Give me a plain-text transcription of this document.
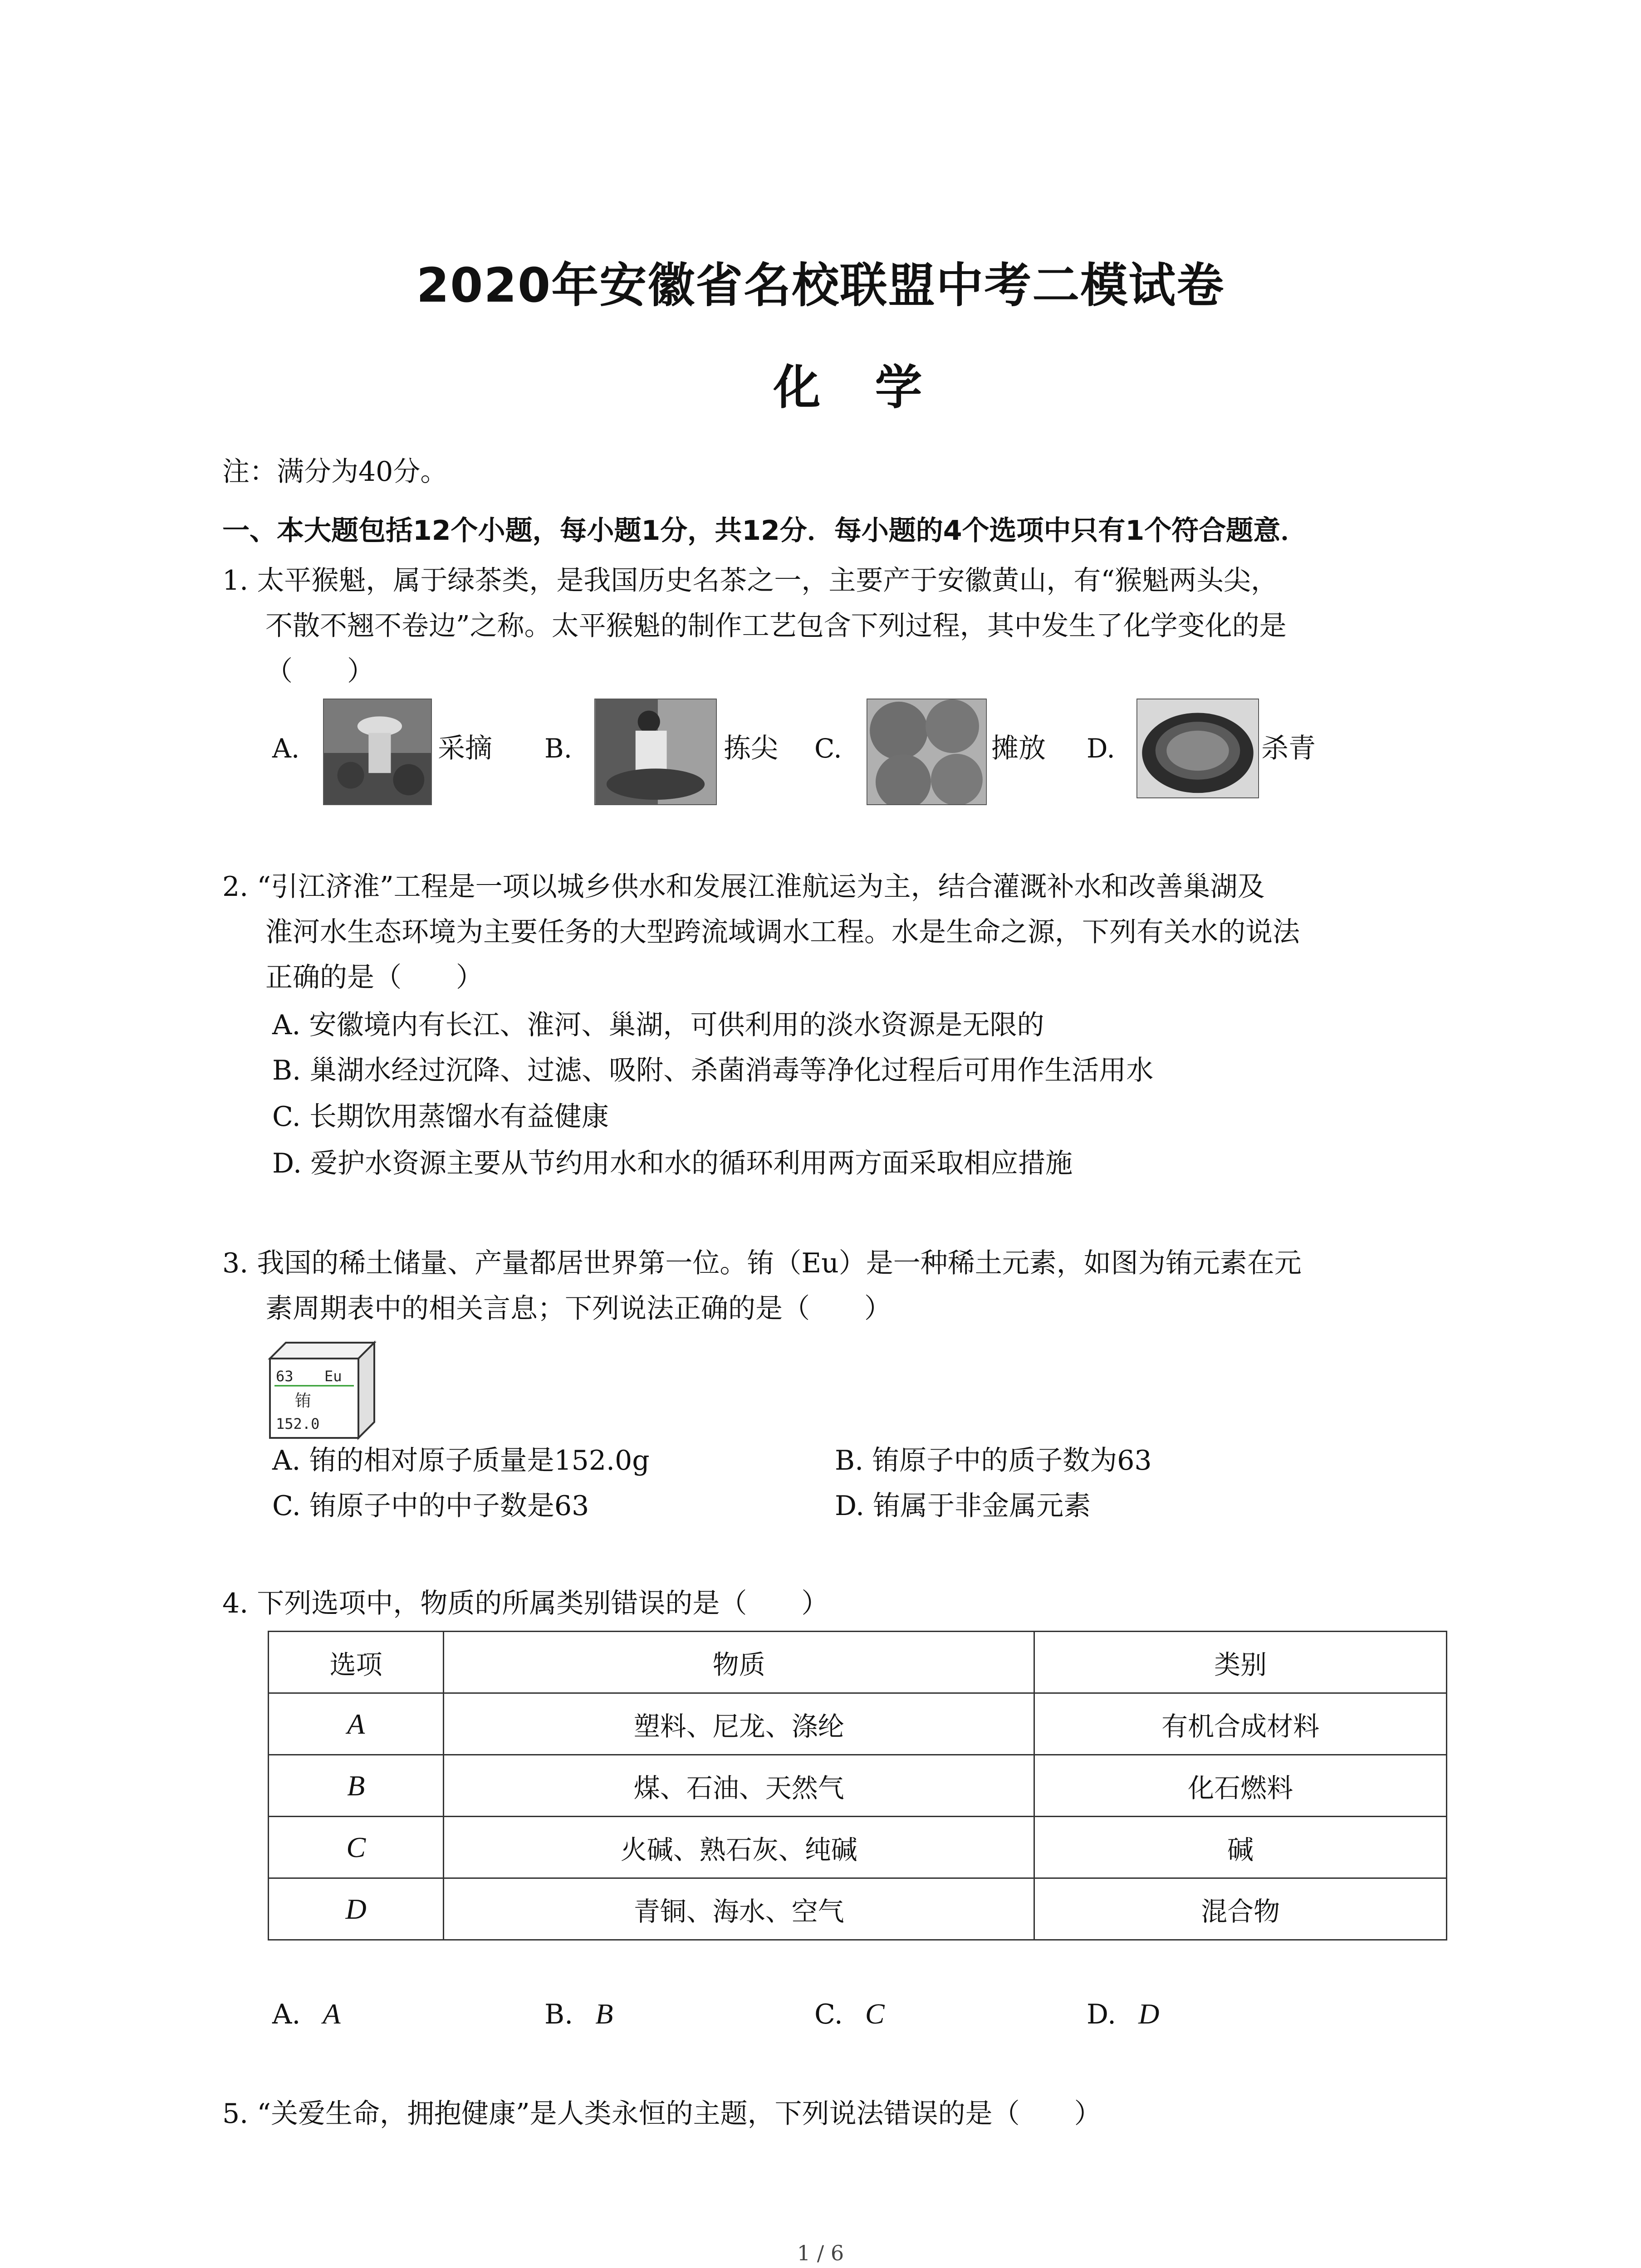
2020年安徽省名校联盟中考二模试卷
化学
注：满分为40分。
一、本大题包括12个小题，每小题1分，共12分．每小题的4个选项中只有1个符合题意．
1. 太平猴魁，属于绿茶类，是我国历史名茶之一，主要产于安徽黄山，有“猴魁两头尖，
不散不翘不卷边”之称。太平猴魁的制作工艺包含下列过程，其中发生了化学变化的是
（　　）
A.	采摘 B.	拣尖 C.	摊放 D.	杀青
2. “引江济淮”工程是一项以城乡供水和发展江淮航运为主，结合灌溉补水和改善巢湖及
淮河水生态环境为主要任务的大型跨流域调水工程。水是生命之源，下列有关水的说法
正确的是（　　）
A. 安徽境内有长江、淮河、巢湖，可供利用的淡水资源是无限的
B. 巢湖水经过沉降、过滤、吸附、杀菌消毒等净化过程后可用作生活用水
C. 长期饮用蒸馏水有益健康
D. 爱护水资源主要从节约用水和水的循环利用两方面采取相应措施
3. 我国的稀土储量、产量都居世界第一位。铕（Eu）是一种稀土元素，如图为铕元素在元
素周期表中的相关言息；下列说法正确的是（　　）
63 Eu
铕
152.0
A. 铕的相对原子质量是152.0g	B. 铕原子中的质子数为63
C. 铕原子中的中子数是63	D. 铕属于非金属元素
4. 下列选项中，物质的所属类别错误的是（　　）
选项	物质	类别
A	塑料、尼龙、涤纶	有机合成材料
B	煤、石油、天然气	化石燃料
C	火碱、熟石灰、纯碱	碱
D	青铜、海水、空气	混合物
A. A	B. B	C. C	D. D
5. “关爱生命，拥抱健康”是人类永恒的主题，下列说法错误的是（　　）
1 / 6
